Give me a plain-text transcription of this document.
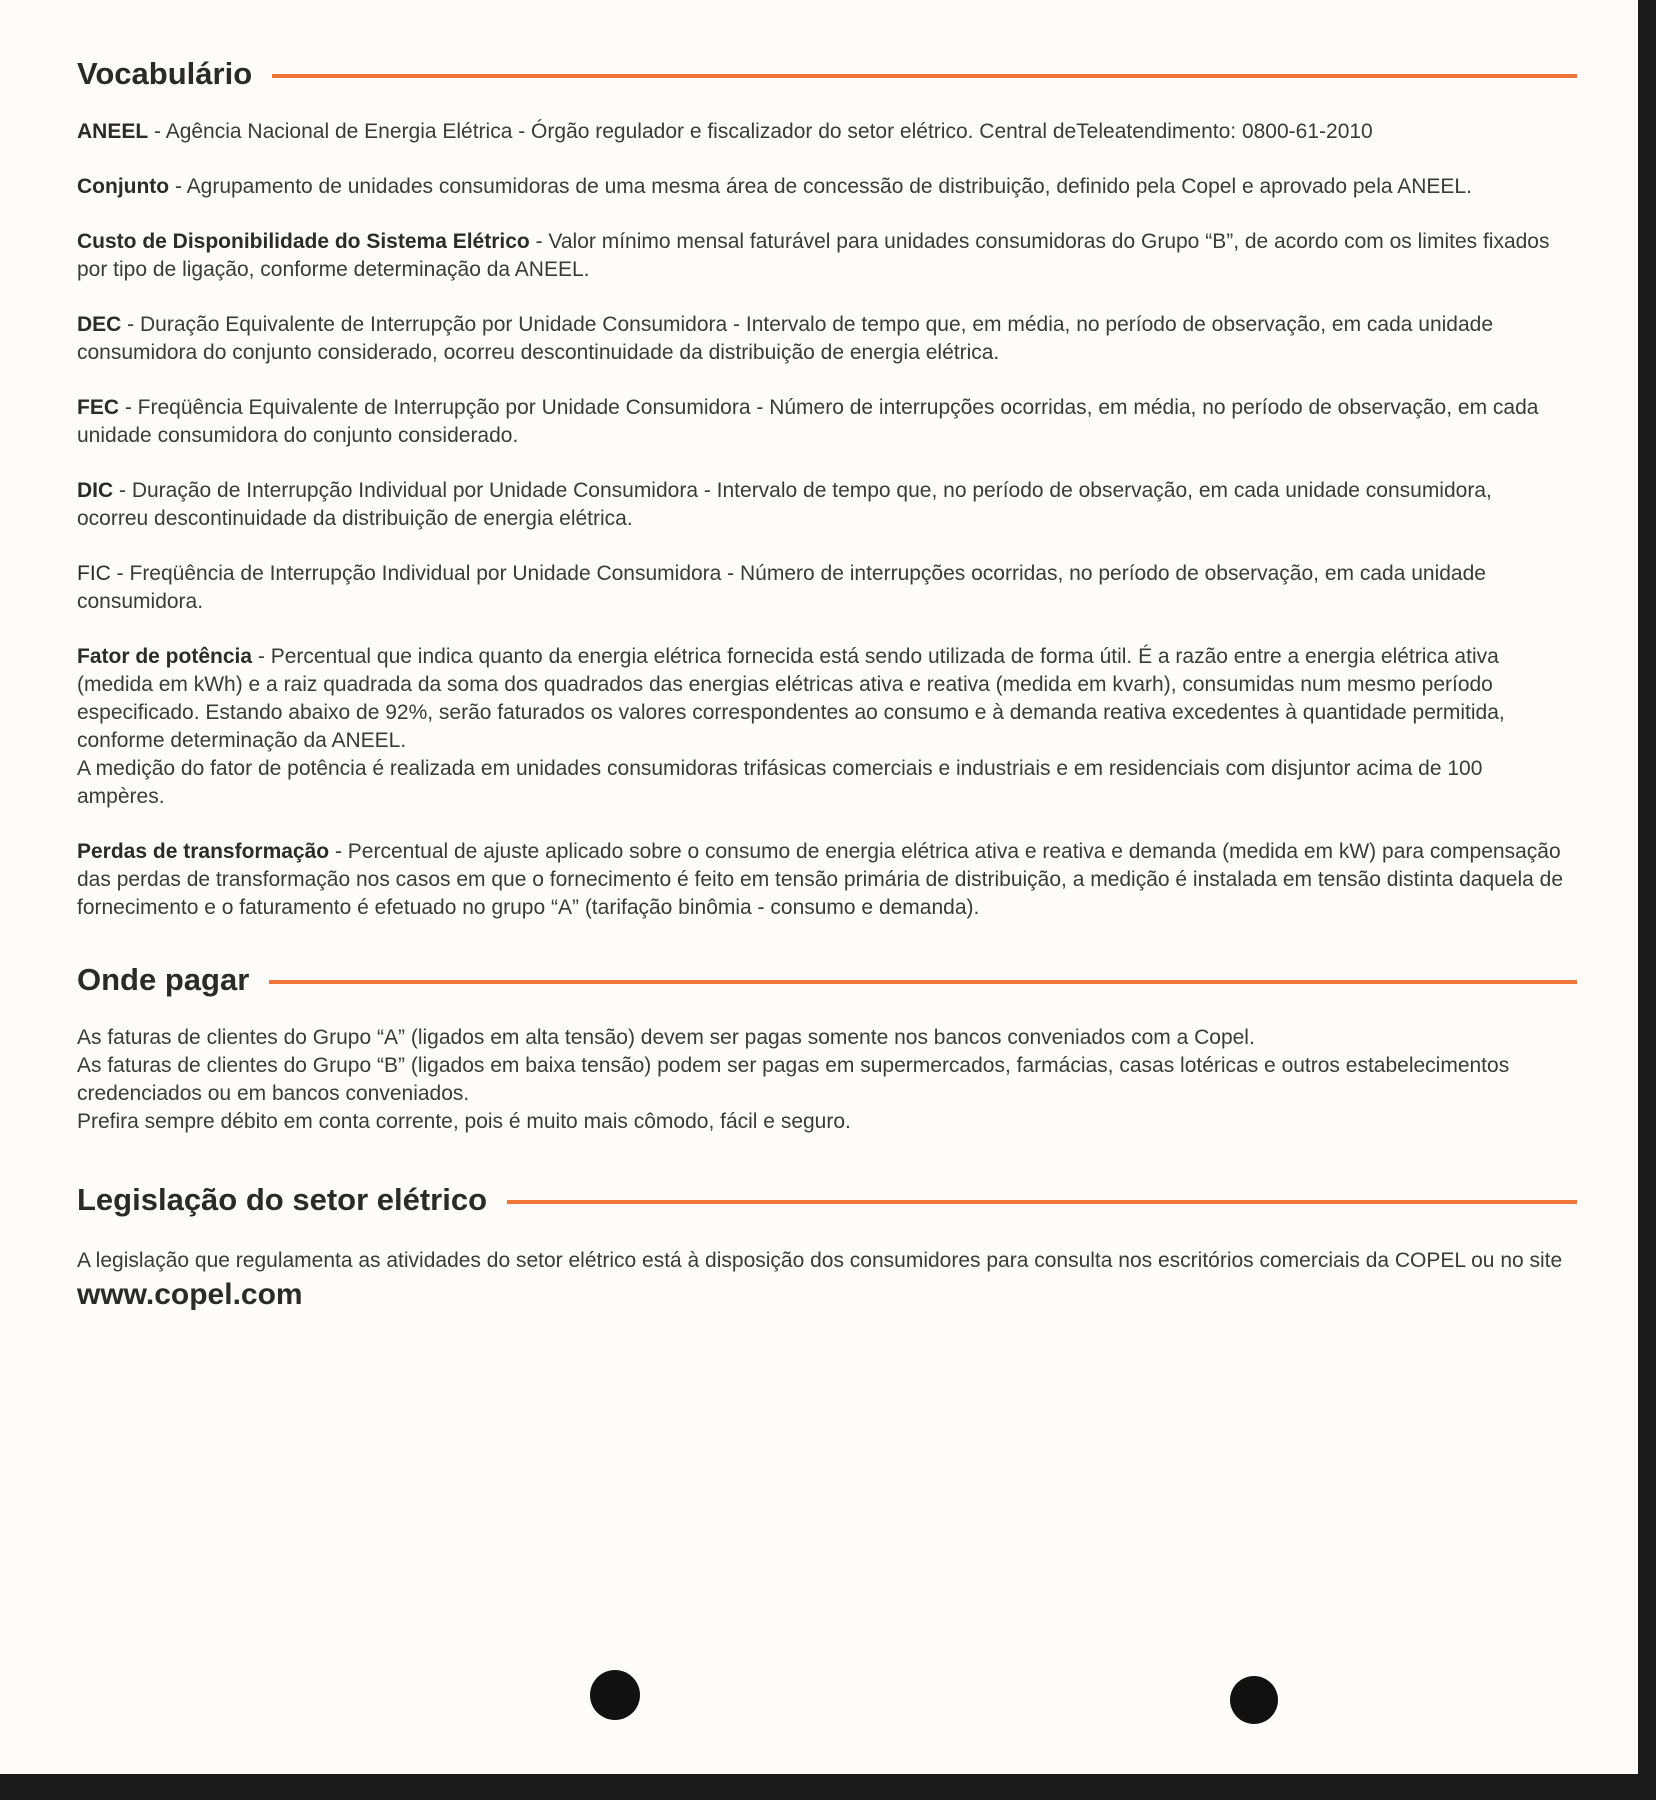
Vocabulário

ANEEL - Agência Nacional de Energia Elétrica - Órgão regulador e fiscalizador do setor elétrico. Central deTeleatendimento: 0800-61-2010

Conjunto - Agrupamento de unidades consumidoras de uma mesma área de concessão de distribuição, definido pela Copel e aprovado pela ANEEL.

Custo de Disponibilidade do Sistema Elétrico - Valor mínimo mensal faturável para unidades consumidoras do Grupo “B”, de acordo com os limites fixados por tipo de ligação, conforme determinação da ANEEL.

DEC - Duração Equivalente de Interrupção por Unidade Consumidora - Intervalo de tempo que, em média, no período de observação, em cada unidade consumidora do conjunto considerado, ocorreu descontinuidade da distribuição de energia elétrica.

FEC - Freqüência Equivalente de Interrupção por Unidade Consumidora - Número de interrupções ocorridas, em média, no período de observação, em cada unidade consumidora do conjunto considerado.

DIC - Duração de Interrupção Individual por Unidade Consumidora - Intervalo de tempo que, no período de observação, em cada unidade consumidora, ocorreu descontinuidade da distribuição de energia elétrica.

FIC - Freqüência de Interrupção Individual por Unidade Consumidora - Número de interrupções ocorridas, no período de observação, em cada unidade consumidora.

Fator de potência - Percentual que indica quanto da energia elétrica fornecida está sendo utilizada de forma útil. É a razão entre a energia elétrica ativa (medida em kWh) e a raiz quadrada da soma dos quadrados das energias elétricas ativa e reativa (medida em kvarh), consumidas num mesmo período especificado. Estando abaixo de 92%, serão faturados os valores correspondentes ao consumo e à demanda reativa excedentes à quantidade permitida, conforme determinação da ANEEL.
A medição do fator de potência é realizada em unidades consumidoras trifásicas comerciais e industriais e em residenciais com disjuntor acima de 100 ampères.

Perdas de transformação - Percentual de ajuste aplicado sobre o consumo de energia elétrica ativa e reativa e demanda (medida em kW) para compensação das perdas de transformação nos casos em que o fornecimento é feito em tensão primária de distribuição, a medição é instalada em tensão distinta daquela de fornecimento e o faturamento é efetuado no grupo “A” (tarifação binômia - consumo e demanda).

Onde pagar

As faturas de clientes do Grupo “A” (ligados em alta tensão) devem ser pagas somente nos bancos conveniados com a Copel.

As faturas de clientes do Grupo “B” (ligados em baixa tensão) podem ser pagas em supermercados, farmácias, casas lotéricas e outros estabelecimentos credenciados ou em bancos conveniados.

Prefira sempre débito em conta corrente, pois é muito mais cômodo, fácil e seguro.

Legislação do setor elétrico

A legislação que regulamenta as atividades do setor elétrico está à disposição dos consumidores para consulta nos escritórios comerciais da COPEL ou no site www.copel.com
